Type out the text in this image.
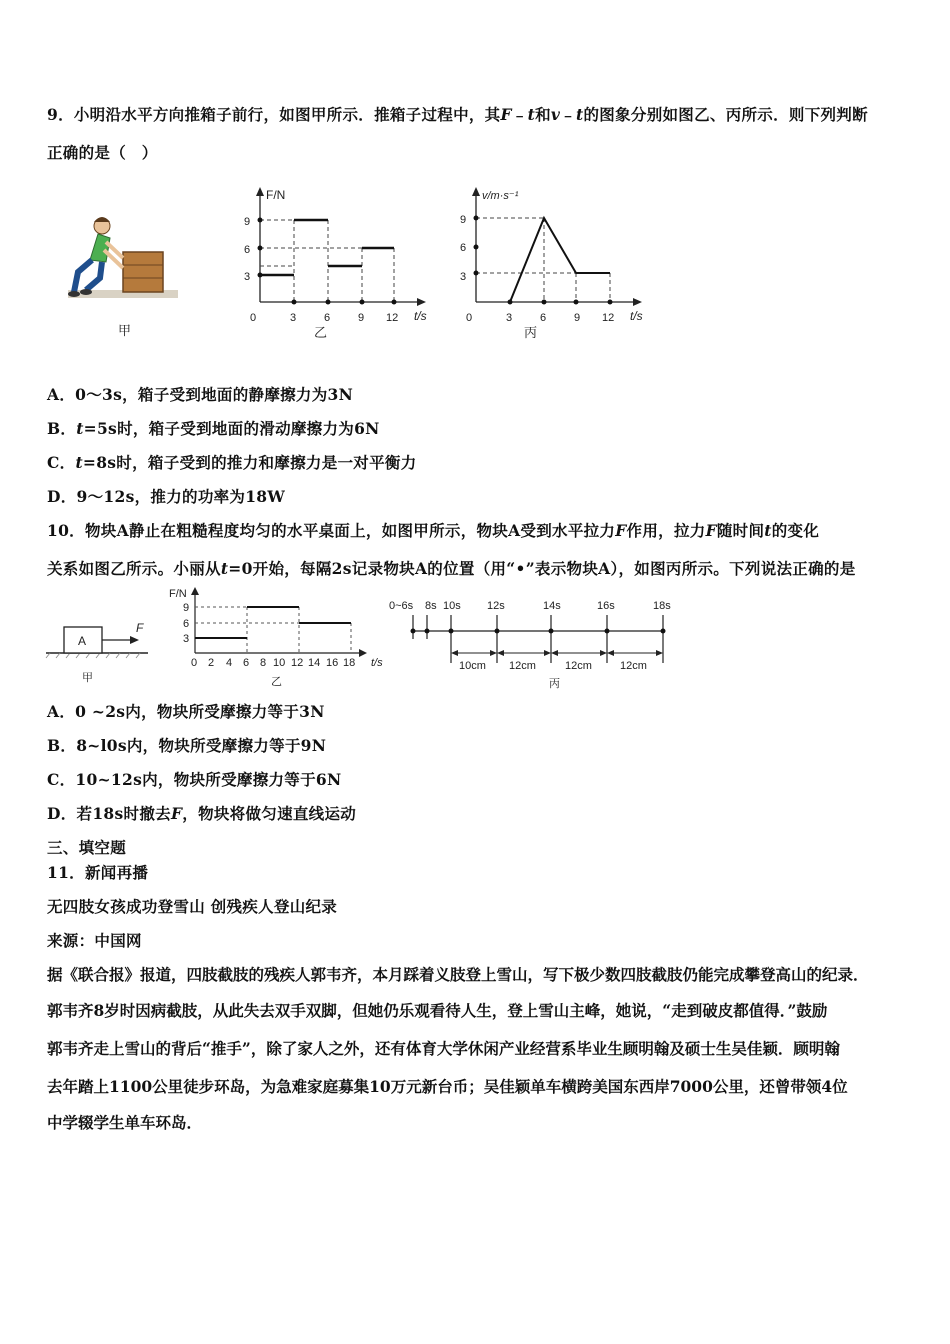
9．小明沿水平方向推箱子前行，如图甲所示．推箱子过程中，其F﹣t和v﹣t的图象分别如图乙、丙所示．则下列判断
正确的是（　）
甲
F/N
t/s
9
6
3
0	3	6	9 12
乙
v/m·s⁻¹
t/s
9
6
3
0	3	6	9 12
丙
A．0～3s，箱子受到地面的静摩擦力为3N
B．t=5s时，箱子受到地面的滑动摩擦力为6N
C．t=8s时，箱子受到的推力和摩擦力是一对平衡力
D．9～12s，推力的功率为18W
10．物块A静止在粗糙程度均匀的水平桌面上，如图甲所示，物块A受到水平拉力F作用，拉力F随时间t的变化
关系如图乙所示。小丽从t=0开始，每隔2s记录物块A的位置（用“•”表示物块A），如图丙所示。下列说法正确的是
A
F
甲
F/N
t/s
9
6
3
0 2 4 6 8 10 12 14 16 18
乙
0~6s 8s 10s 12s	14s	16s	18s
10cm 12cm	12cm	12cm
丙
A．0 ~2s内，物块所受摩擦力等于3N
B．8~l0s内，物块所受摩擦力等于9N
C．10~12s内，物块所受摩擦力等于6N
D．若18s时撤去F，物块将做匀速直线运动
三、填空题
11．新闻再播
无四肢女孩成功登雪山 创残疾人登山纪录
来源：中国网
据《联合报》报道，四肢截肢的残疾人郭韦齐，本月踩着义肢登上雪山，写下极少数四肢截肢仍能完成攀登高山的纪录．
郭韦齐8岁时因病截肢，从此失去双手双脚，但她仍乐观看待人生，登上雪山主峰，她说，“走到破皮都值得．”鼓励
郭韦齐走上雪山的背后“推手”，除了家人之外，还有体育大学休闲产业经营系毕业生顾明翰及硕士生吴佳颖．顾明翰
去年踏上1100公里徒步环岛，为急难家庭募集10万元新台币；吴佳颖单车横跨美国东西岸7000公里，还曾带领4位
中学辍学生单车环岛．
